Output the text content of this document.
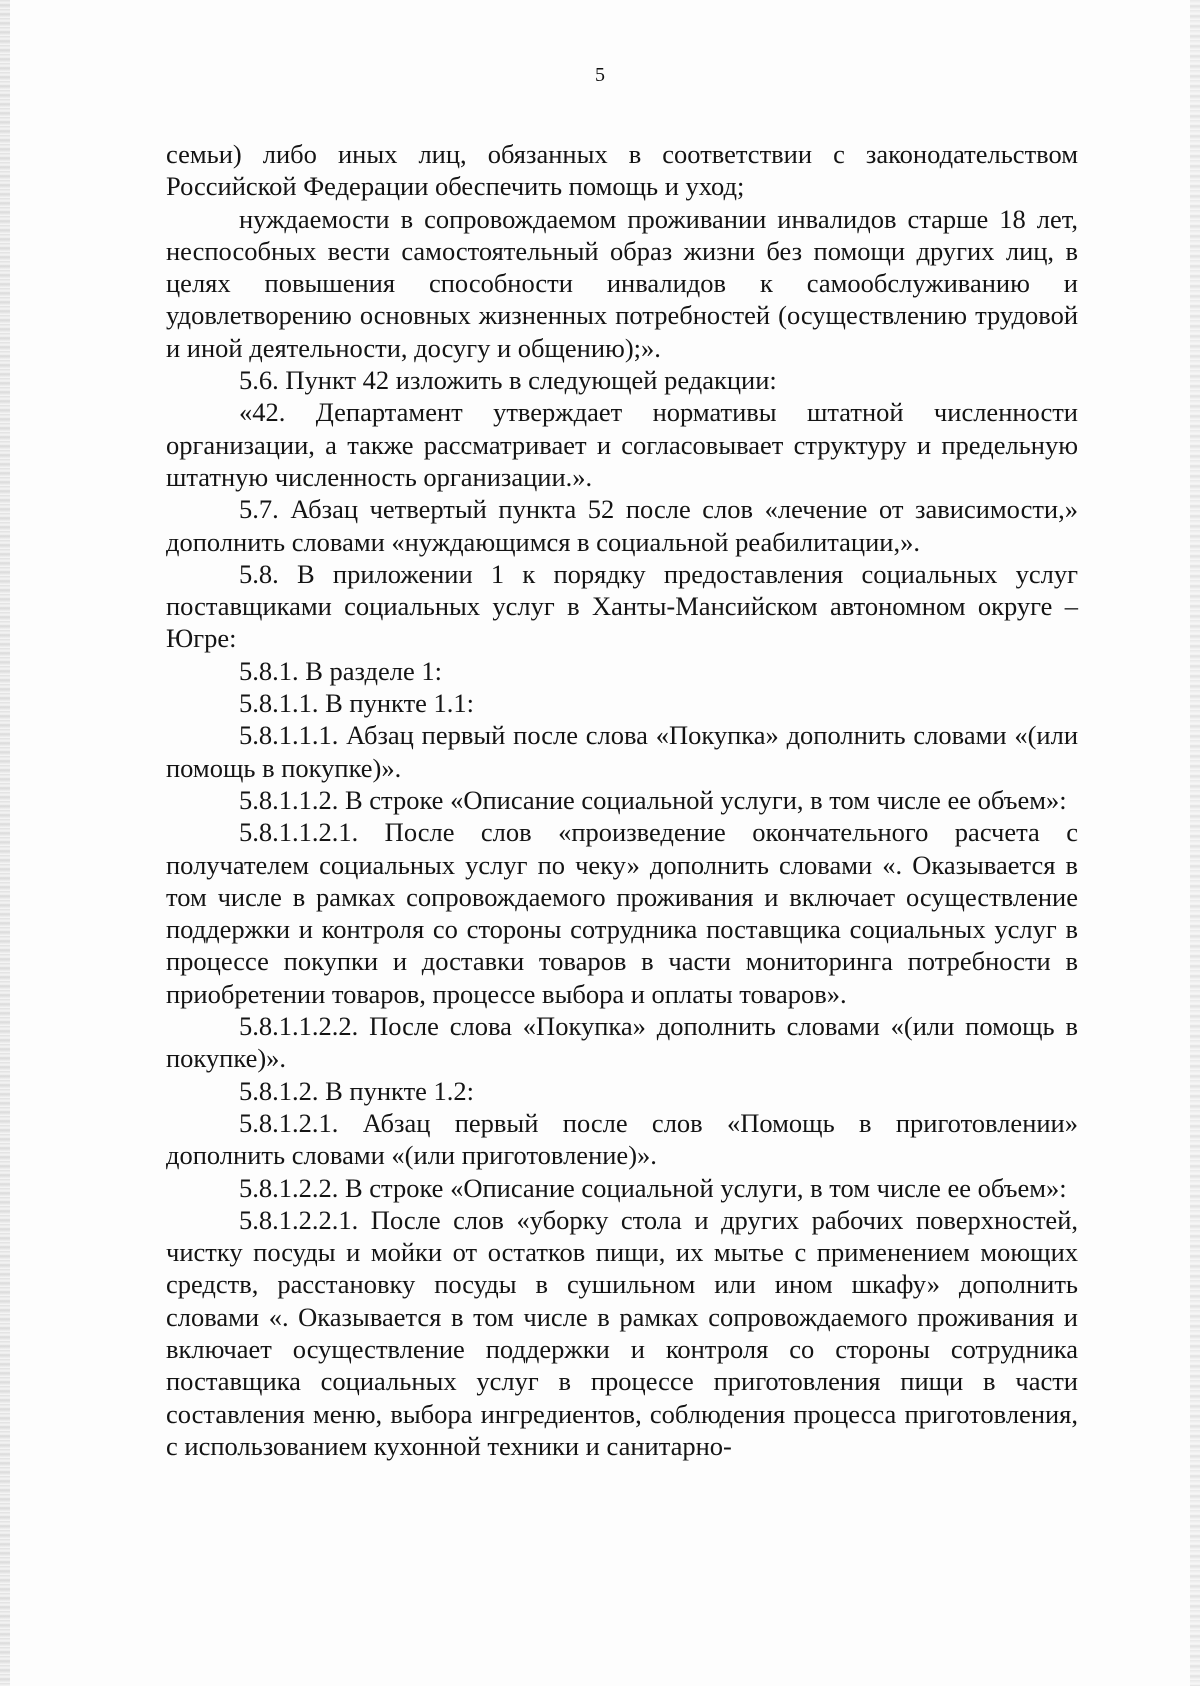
5

семьи) либо иных лиц, обязанных в соответствии с законодательством Российской Федерации обеспечить помощь и уход;

нуждаемости в сопровождаемом проживании инвалидов старше 18 лет, неспособных вести самостоятельный образ жизни без помощи других лиц, в целях повышения способности инвалидов к самообслуживанию и удовлетворению основных жизненных потребностей (осуществлению трудовой и иной деятельности, досугу и общению);».

5.6. Пункт 42 изложить в следующей редакции:

«42. Департамент утверждает нормативы штатной численности организации, а также рассматривает и согласовывает структуру и предельную штатную численность организации.».

5.7. Абзац четвертый пункта 52 после слов «лечение от зависимости,» дополнить словами «нуждающимся в социальной реабилитации,».

5.8. В приложении 1 к порядку предоставления социальных услуг поставщиками социальных услуг в Ханты-Мансийском автономном округе – Югре:

5.8.1. В разделе 1:

5.8.1.1. В пункте 1.1:

5.8.1.1.1. Абзац первый после слова «Покупка» дополнить словами «(или помощь в покупке)».

5.8.1.1.2. В строке «Описание социальной услуги, в том числе ее объем»:

5.8.1.1.2.1. После слов «произведение окончательного расчета с получателем социальных услуг по чеку» дополнить словами «. Оказывается в том числе в рамках сопровождаемого проживания и включает осуществление поддержки и контроля со стороны сотрудника поставщика социальных услуг в процессе покупки и доставки товаров в части мониторинга потребности в приобретении товаров, процессе выбора и оплаты товаров».

5.8.1.1.2.2. После слова «Покупка» дополнить словами «(или помощь в покупке)».

5.8.1.2. В пункте 1.2:

5.8.1.2.1. Абзац первый после слов «Помощь в приготовлении» дополнить словами «(или приготовление)».

5.8.1.2.2. В строке «Описание социальной услуги, в том числе ее объем»:

5.8.1.2.2.1. После слов «уборку стола и других рабочих поверхностей, чистку посуды и мойки от остатков пищи, их мытье с применением моющих средств, расстановку посуды в сушильном или ином шкафу» дополнить словами «. Оказывается в том числе в рамках сопровождаемого проживания и включает осуществление поддержки и контроля со стороны сотрудника поставщика социальных услуг в процессе приготовления пищи в части составления меню, выбора ингредиентов, соблюдения процесса приготовления, с использованием кухонной техники и санитарно-
